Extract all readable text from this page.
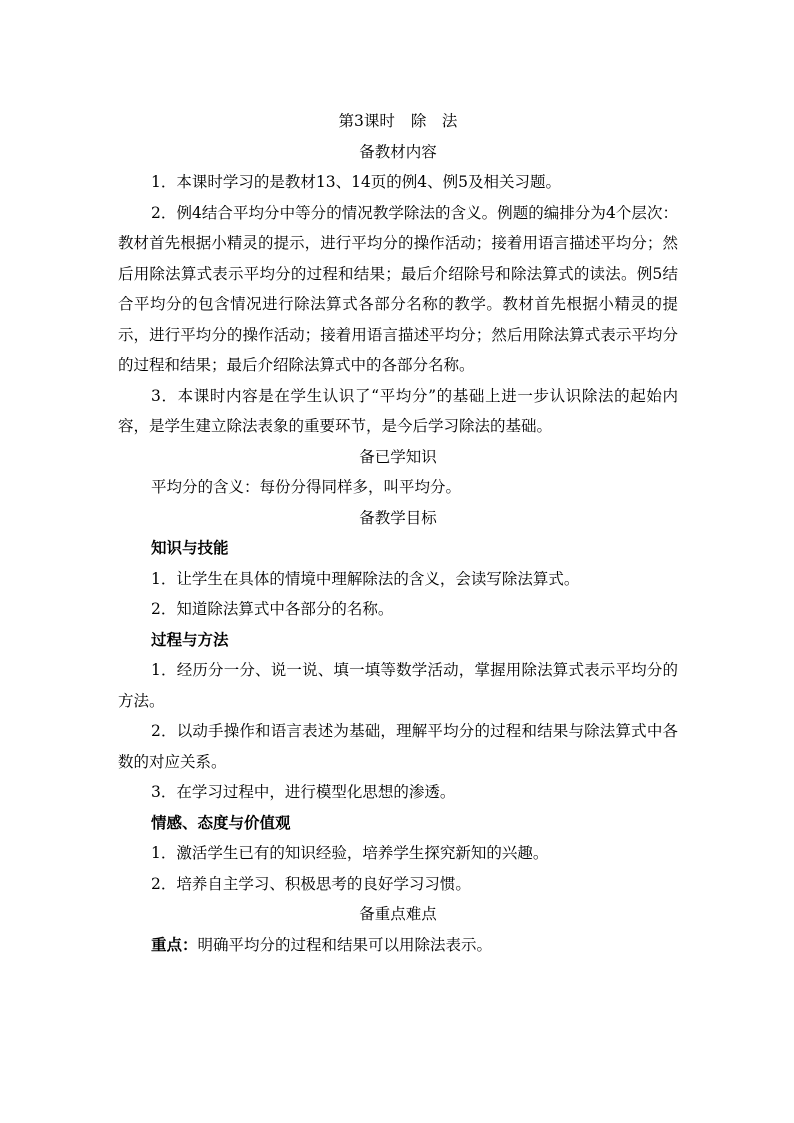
第3课时 除　法
备教材内容

1．本课时学习的是教材13、14页的例4、例5及相关习题。

2．例4结合平均分中等分的情况教学除法的含义。例题的编排分为4个层次：教材首先根据小精灵的提示，进行平均分的操作活动；接着用语言描述平均分；然后用除法算式表示平均分的过程和结果；最后介绍除号和除法算式的读法。例5结合平均分的包含情况进行除法算式各部分名称的教学。教材首先根据小精灵的提示，进行平均分的操作活动；接着用语言描述平均分；然后用除法算式表示平均分的过程和结果；最后介绍除法算式中的各部分名称。

3．本课时内容是在学生认识了“平均分”的基础上进一步认识除法的起始内容，是学生建立除法表象的重要环节，是今后学习除法的基础。

备已学知识

平均分的含义：每份分得同样多，叫平均分。

备教学目标

知识与技能

1．让学生在具体的情境中理解除法的含义，会读写除法算式。

2．知道除法算式中各部分的名称。

过程与方法

1．经历分一分、说一说、填一填等数学活动，掌握用除法算式表示平均分的方法。

2．以动手操作和语言表述为基础，理解平均分的过程和结果与除法算式中各数的对应关系。

3．在学习过程中，进行模型化思想的渗透。

情感、态度与价值观

1．激活学生已有的知识经验，培养学生探究新知的兴趣。

2．培养自主学习、积极思考的良好学习习惯。

备重点难点

重点：明确平均分的过程和结果可以用除法表示。
